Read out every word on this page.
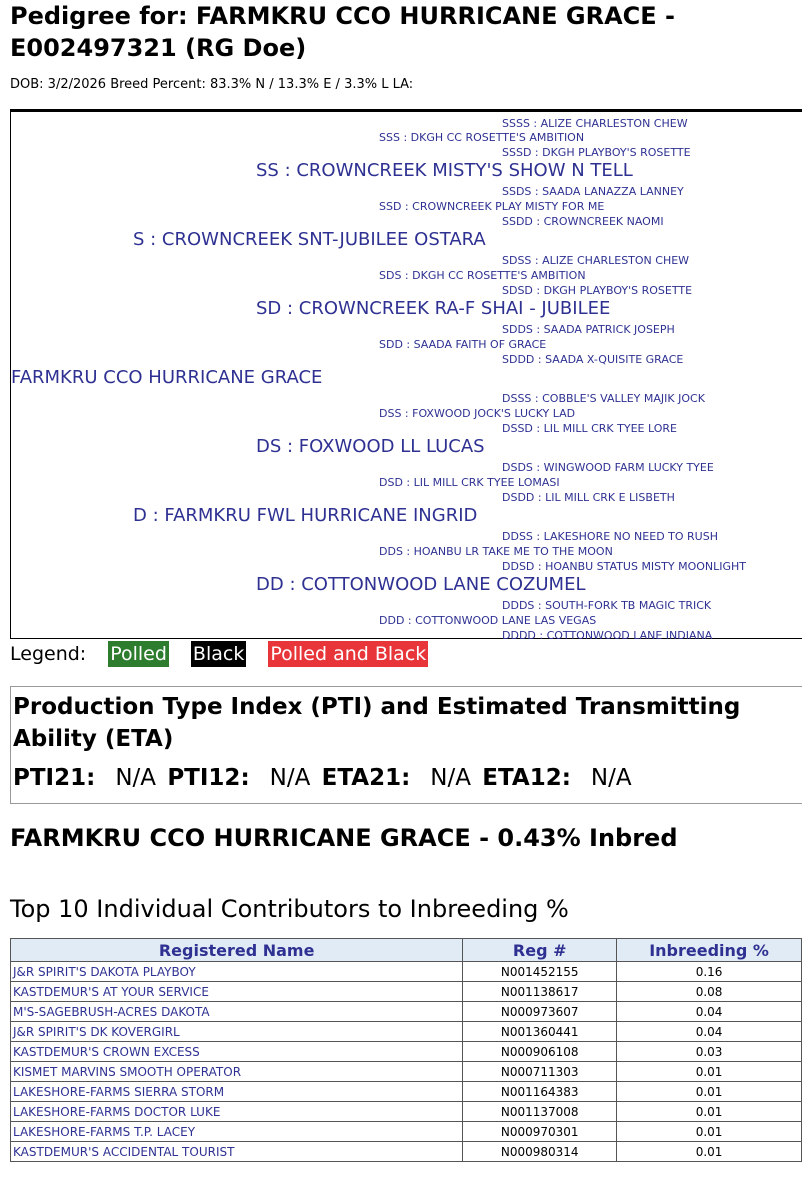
Pedigree for: FARMKRU CCO HURRICANE GRACE - E002497321 (RG Doe)
DOB: 3/2/2026 Breed Percent: 83.3% N / 13.3% E / 3.3% L LA:
SSSS : ALIZE CHARLESTON CHEW
SSS : DKGH CC ROSETTE'S AMBITION
SSSD : DKGH PLAYBOY'S ROSETTE
SS : CROWNCREEK MISTY'S SHOW N TELL
SSDS : SAADA LANAZZA LANNEY
SSD : CROWNCREEK PLAY MISTY FOR ME
SSDD : CROWNCREEK NAOMI
S : CROWNCREEK SNT-JUBILEE OSTARA
SDSS : ALIZE CHARLESTON CHEW
SDS : DKGH CC ROSETTE'S AMBITION
SDSD : DKGH PLAYBOY'S ROSETTE
SD : CROWNCREEK RA-F SHAI - JUBILEE
SDDS : SAADA PATRICK JOSEPH
SDD : SAADA FAITH OF GRACE
SDDD : SAADA X-QUISITE GRACE
FARMKRU CCO HURRICANE GRACE
DSSS : COBBLE'S VALLEY MAJIK JOCK
DSS : FOXWOOD JOCK'S LUCKY LAD
DSSD : LIL MILL CRK TYEE LORE
DS : FOXWOOD LL LUCAS
DSDS : WINGWOOD FARM LUCKY TYEE
DSD : LIL MILL CRK TYEE LOMASI
DSDD : LIL MILL CRK E LISBETH
D : FARMKRU FWL HURRICANE INGRID
DDSS : LAKESHORE NO NEED TO RUSH
DDS : HOANBU LR TAKE ME TO THE MOON
DDSD : HOANBU STATUS MISTY MOONLIGHT
DD : COTTONWOOD LANE COZUMEL
DDDS : SOUTH-FORK TB MAGIC TRICK
DDD : COTTONWOOD LANE LAS VEGAS
DDDD : COTTONWOOD LANE INDIANA
Legend: Polled Black Polled and Black
Production Type Index (PTI) and Estimated Transmitting Ability (ETA)
PTI21: N/A PTI12: N/A ETA21: N/A ETA12: N/A
FARMKRU CCO HURRICANE GRACE - 0.43% Inbred
Top 10 Individual Contributors to Inbreeding %
Registered Name	Reg #	Inbreeding %
J&R SPIRIT'S DAKOTA PLAYBOY	N001452155	0.16
KASTDEMUR'S AT YOUR SERVICE	N001138617	0.08
M'S-SAGEBRUSH-ACRES DAKOTA	N000973607	0.04
J&R SPIRIT'S DK KOVERGIRL	N001360441	0.04
KASTDEMUR'S CROWN EXCESS	N000906108	0.03
KISMET MARVINS SMOOTH OPERATOR	N000711303	0.01
LAKESHORE-FARMS SIERRA STORM	N001164383	0.01
LAKESHORE-FARMS DOCTOR LUKE	N001137008	0.01
LAKESHORE-FARMS T.P. LACEY	N000970301	0.01
KASTDEMUR'S ACCIDENTAL TOURIST	N000980314	0.01
